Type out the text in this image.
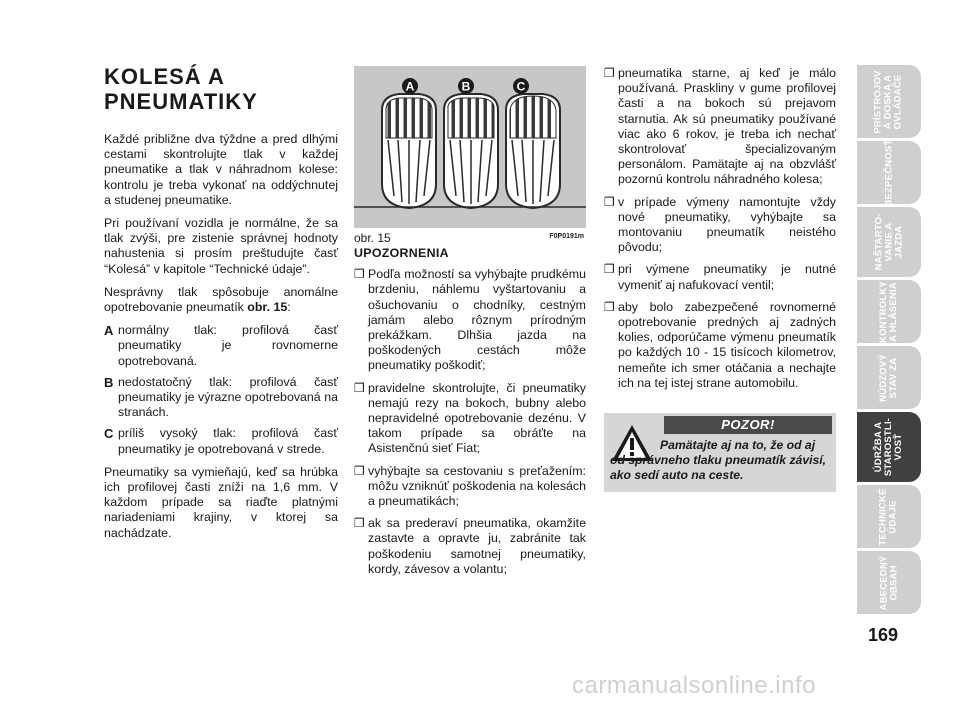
KOLESÁ A
PNEUMATIKY

Každé približne dva týždne a pred dlhými cestami skontrolujte tlak v každej pneumatike a tlak v náhradnom kolese: kontrolu je treba vykonať na oddýchnutej a studenej pneumatike.

Pri používaní vozidla je normálne, že sa tlak zvýši, pre zistenie správnej hodnoty nahustenia si prosím preštudujte časť “Kolesá” v kapitole “Technické údaje”.

Nesprávny tlak spôsobuje anomálne opotrebovanie pneumatík obr. 15:

A normálny tlak: profilová časť pneumatiky je rovnomerne opotrebovaná.
B nedostatočný tlak: profilová časť pneumatiky je výrazne opotrebovaná na stranách.
C príliš vysoký tlak: profilová časť pneumatiky je opotrebovaná v strede.

Pneumatiky sa vymieňajú, keď sa hrúbka ich profilovej časti zníži na 1,6 mm. V každom prípade sa riaďte platnými nariadeniami krajiny, v ktorej sa nachádzate.

A	B	C
obr. 15	F0P0191m
UPOZORNENIA
❒ Podľa možností sa vyhýbajte prudkému brzdeniu, náhlemu vyštartovaniu a ošuchovaniu o chodníky, cestným jamám alebo rôznym prírodným prekážkam. Dlhšia jazda na poškodených cestách môže pneumatiky poškodiť;
❒ pravidelne skontrolujte, či pneumatiky nemajú rezy na bokoch, bubny alebo nepravidelné opotrebovanie dezénu. V takom prípade sa obráťte na Asistenčnú sieť Fiat;
❒ vyhýbajte sa cestovaniu s preťažením: môžu vzniknúť poškodenia na kolesách a pneumatikách;
❒ ak sa prederaví pneumatika, okamžite zastavte a opravte ju, zabránite tak poškodeniu samotnej pneumatiky, kordy, závesov a volantu;
❒ pneumatika starne, aj keď je málo používaná. Praskliny v gume profilovej časti a na bokoch sú prejavom starnutia. Ak sú pneumatiky používané viac ako 6 rokov, je treba ich nechať skontrolovať špecializovaným personálom. Pamätajte aj na obzvlášť pozornú kontrolu náhradného kolesa;
❒ v prípade výmeny namontujte vždy nové pneumatiky, vyhýbajte sa montovaniu pneumatík neistého pôvodu;
❒ pri výmene pneumatiky je nutné vymeniť aj nafukovací ventil;
❒ aby bolo zabezpečené rovnomerné opotrebovanie predných aj zadných kolies, odporúčame výmenu pneumatík po každých 10 - 15 tisícoch kilometrov, nemeňte ich smer otáčania a nechajte ich na tej istej strane automobilu.
POZOR!
Pamätajte aj na to, že od aj od správneho tlaku pneumatík závisí, ako sedí auto na ceste.
PRÍSTROJOV
Á DOSKA A
OVLÁDAČE
BEZPEČNOSŤ
NAŠTARTO-
VANIE A
JAZDA
KONTROLKY
A HLÁSENIA
NÚDZOVÝ
STAV ZA
ÚDRŽBA A
STAROSTLI-
VOSŤ
TECHNICKÉ
ÚDAJE
ABECEDNÝ
OBSAH
169
carmanualsonline.info
